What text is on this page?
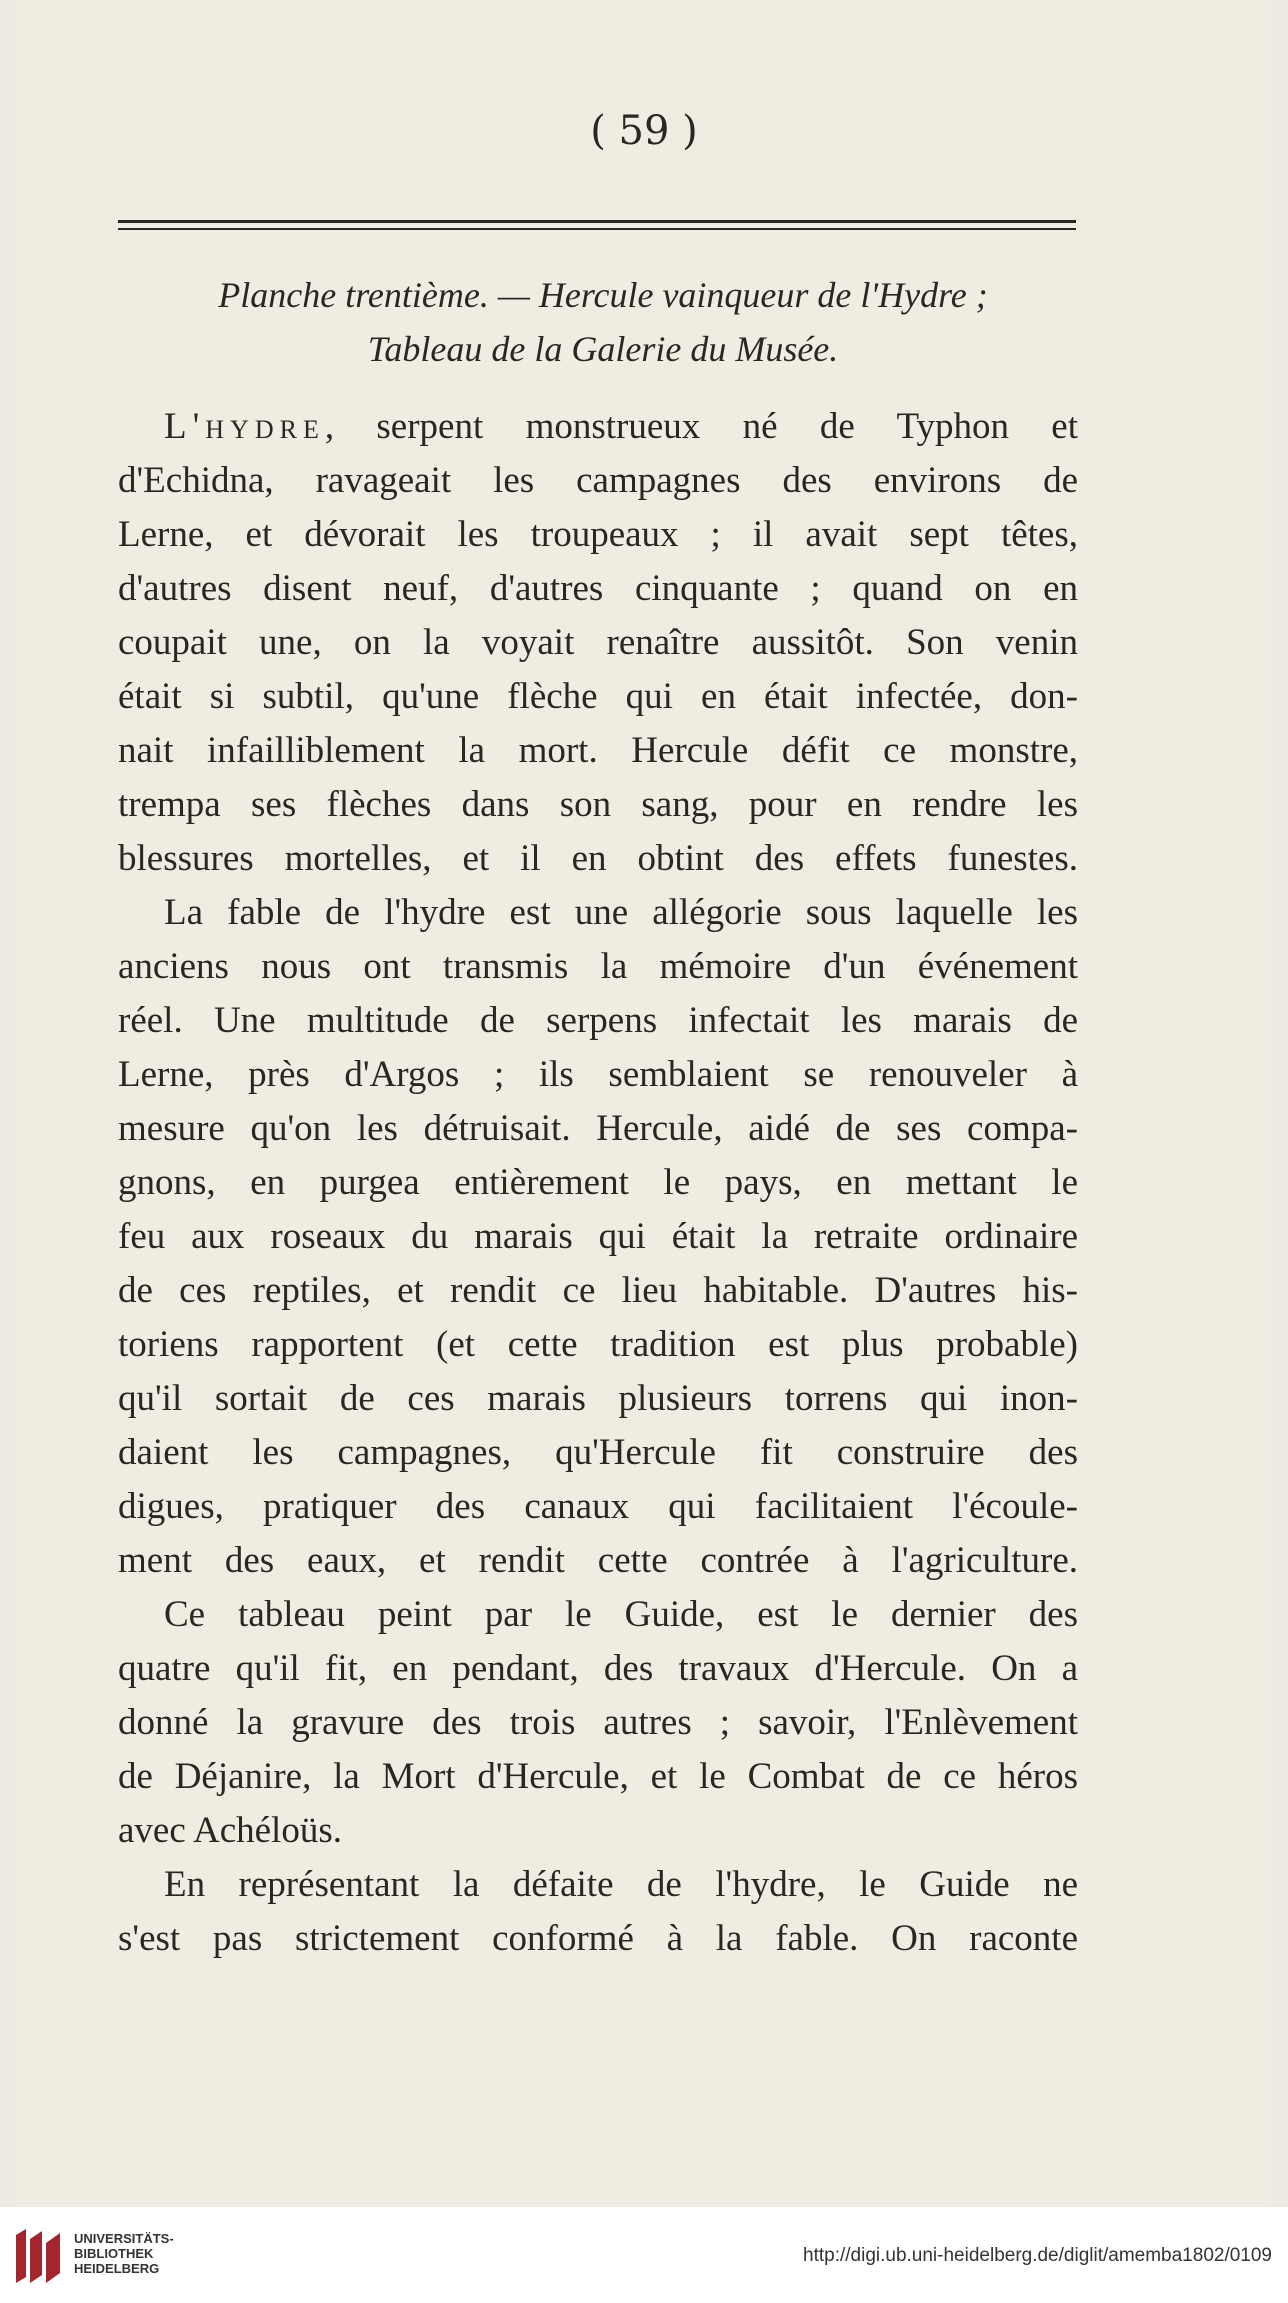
( 59 )
Planche trentième. — Hercule vainqueur de l'Hydre ;
Tableau de la Galerie du Musée.
L'hydre, serpent monstrueux né de Typhon et
d'Echidna, ravageait les campagnes des environs de
Lerne, et dévorait les troupeaux ; il avait sept têtes,
d'autres disent neuf, d'autres cinquante ; quand on en
coupait une, on la voyait renaître aussitôt. Son venin
était si subtil, qu'une flèche qui en était infectée, don-
nait infailliblement la mort. Hercule défit ce monstre,
trempa ses flèches dans son sang, pour en rendre les
blessures mortelles, et il en obtint des effets funestes.
La fable de l'hydre est une allégorie sous laquelle les
anciens nous ont transmis la mémoire d'un événement
réel. Une multitude de serpens infectait les marais de
Lerne, près d'Argos ; ils semblaient se renouveler à
mesure qu'on les détruisait. Hercule, aidé de ses compa-
gnons, en purgea entièrement le pays, en mettant le
feu aux roseaux du marais qui était la retraite ordinaire
de ces reptiles, et rendit ce lieu habitable. D'autres his-
toriens rapportent (et cette tradition est plus probable)
qu'il sortait de ces marais plusieurs torrens qui inon-
daient les campagnes, qu'Hercule fit construire des
digues, pratiquer des canaux qui facilitaient l'écoule-
ment des eaux, et rendit cette contrée à l'agriculture.
Ce tableau peint par le Guide, est le dernier des
quatre qu'il fit, en pendant, des travaux d'Hercule. On a
donné la gravure des trois autres ; savoir, l'Enlèvement
de Déjanire, la Mort d'Hercule, et le Combat de ce héros
avec Achéloüs.
En représentant la défaite de l'hydre, le Guide ne
s'est pas strictement conformé à la fable. On raconte
UNIVERSITÄTS-
BIBLIOTHEK
HEIDELBERG
http://digi.ub.uni-heidelberg.de/diglit/amemba1802/0109
